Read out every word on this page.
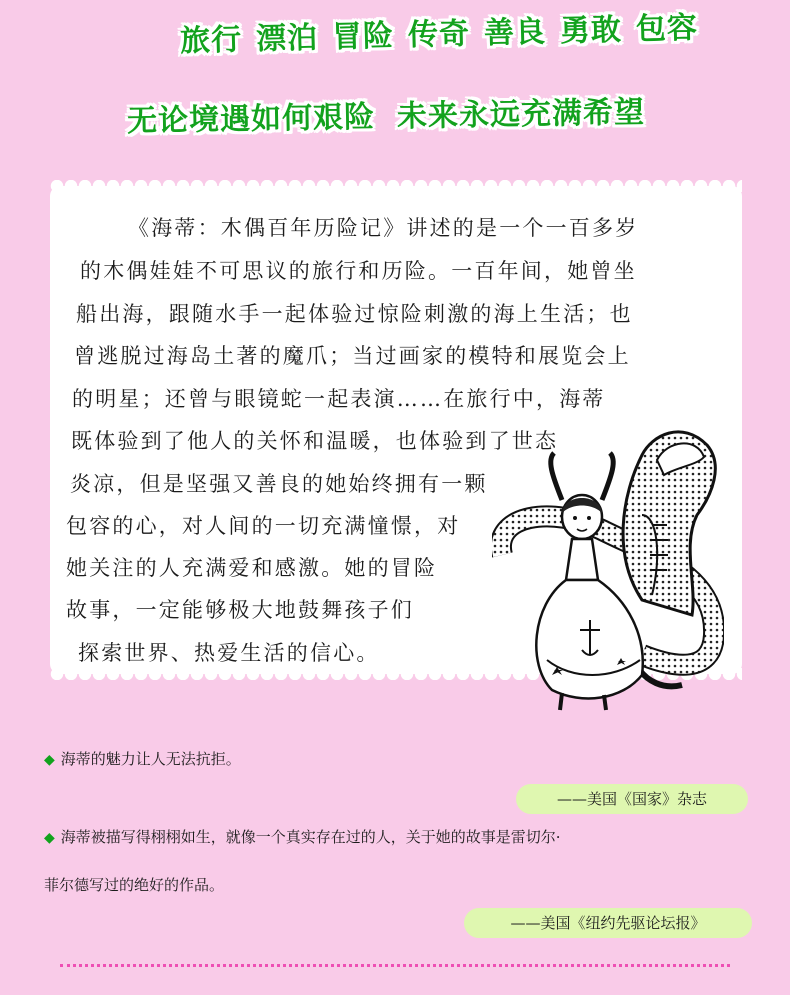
旅行 漂泊 冒险 传奇 善良 勇敢 包容
无论境遇如何艰险 未来永远充满希望
《海蒂：木偶百年历险记》讲述的是一个一百多岁
的木偶娃娃不可思议的旅行和历险。一百年间，她曾坐
船出海，跟随水手一起体验过惊险刺激的海上生活；也
曾逃脱过海岛土著的魔爪；当过画家的模特和展览会上
的明星；还曾与眼镜蛇一起表演……在旅行中，海蒂
既体验到了他人的关怀和温暖，也体验到了世态
炎凉，但是坚强又善良的她始终拥有一颗
包容的心，对人间的一切充满憧憬，对
她关注的人充满爱和感激。她的冒险
故事，一定能够极大地鼓舞孩子们
探索世界、热爱生活的信心。
◆ 海蒂的魅力让人无法抗拒。
——美国《国家》杂志
◆ 海蒂被描写得栩栩如生，就像一个真实存在过的人，关于她的故事是雷切尔·
菲尔德写过的绝好的作品。
——美国《纽约先驱论坛报》
